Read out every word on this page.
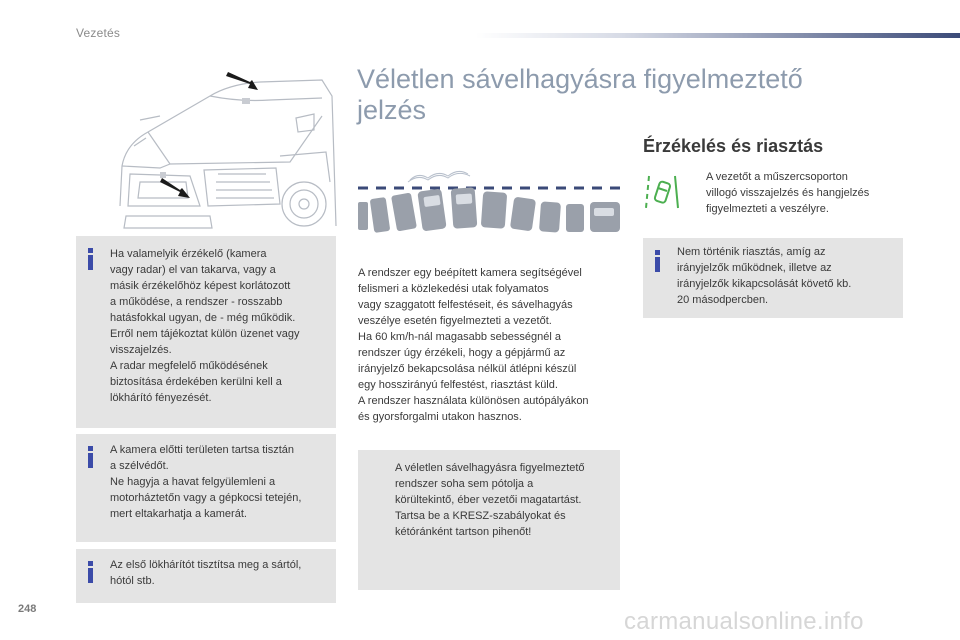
Vezetés
Véletlen sávelhagyásra figyelmeztető
jelzés
Érzékelés és riasztás

A rendszer egy beépített kamera segítségével

felismeri a közlekedési utak folyamatos

vagy szaggatott felfestéseit, és sávelhagyás

veszélye esetén figyelmezteti a vezetőt.

Ha 60 km/h-nál magasabb sebességnél a

rendszer úgy érzékeli, hogy a gépjármű az

irányjelző bekapcsolása nélkül átlépni készül

egy hosszirányú felfestést, riasztást küld.

A rendszer használata különösen autópályákon

és gyorsforgalmi utakon hasznos.

Ha valamelyik érzékelő (kamera

vagy radar) el van takarva, vagy a

másik érzékelőhöz képest korlátozott

a működése, a rendszer - rosszabb

hatásfokkal ugyan, de - még működik.

Erről nem tájékoztat külön üzenet vagy

visszajelzés.

A radar megfelelő működésének

biztosítása érdekében kerülni kell a

lökhárító fényezését.

A kamera előtti területen tartsa tisztán

a szélvédőt.

Ne hagyja a havat felgyülemleni a

motorháztetőn vagy a gépkocsi tetején,

mert eltakarhatja a kamerát.

Az első lökhárítót tisztítsa meg a sártól,

hótól stb.

A véletlen sávelhagyásra figyelmeztető

rendszer soha sem pótolja a

körültekintő, éber vezetői magatartást.

Tartsa be a KRESZ-szabályokat és

kétóránként tartson pihenőt!

A vezetőt a műszercsoporton

villogó visszajelzés és hangjelzés

figyelmezteti a veszélyre.

Nem történik riasztás, amíg az

irányjelzők működnek, illetve az

irányjelzők kikapcsolását követő kb.

20 másodpercben.

248	carmanualsonline.info
